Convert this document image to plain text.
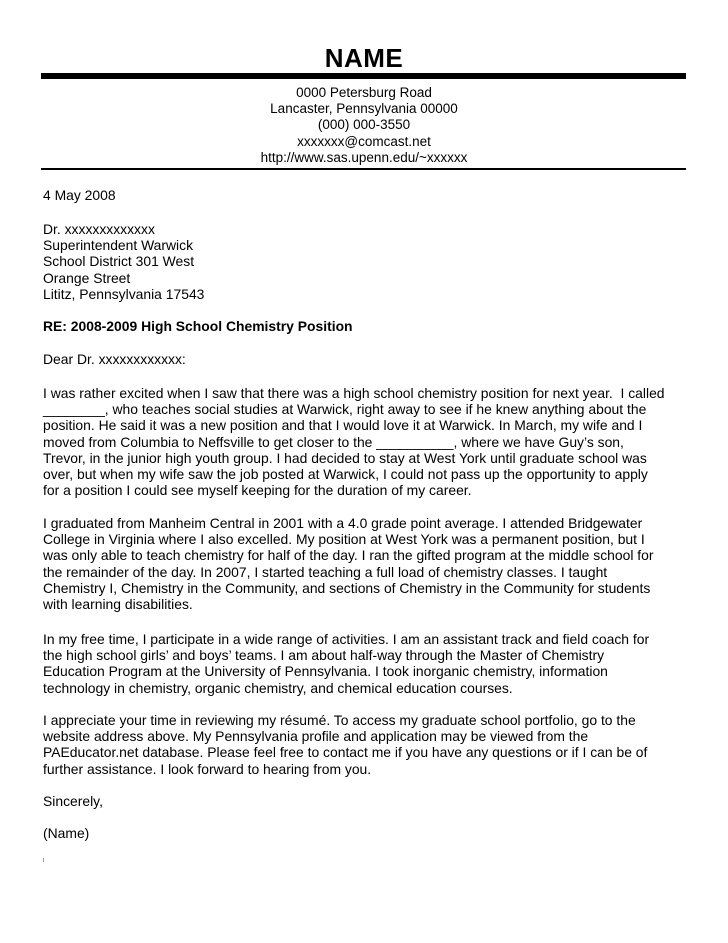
NAME
0000 Petersburg Road
Lancaster, Pennsylvania 00000
(000) 000-3550
xxxxxxx@comcast.net
http://www.sas.upenn.edu/~xxxxxx
4 May 2008
Dr. xxxxxxxxxxxxx
Superintendent Warwick
School District 301 West
Orange Street
Lititz, Pennsylvania 17543
RE: 2008-2009 High School Chemistry Position
Dear Dr. xxxxxxxxxxxx:
I was rather excited when I saw that there was a high school chemistry position for next year.  I called
________, who teaches social studies at Warwick, right away to see if he knew anything about the
position. He said it was a new position and that I would love it at Warwick. In March, my wife and I
moved from Columbia to Neffsville to get closer to the __________, where we have Guy’s son,
Trevor, in the junior high youth group. I had decided to stay at West York until graduate school was
over, but when my wife saw the job posted at Warwick, I could not pass up the opportunity to apply
for a position I could see myself keeping for the duration of my career.
I graduated from Manheim Central in 2001 with a 4.0 grade point average. I attended Bridgewater
College in Virginia where I also excelled. My position at West York was a permanent position, but I
was only able to teach chemistry for half of the day. I ran the gifted program at the middle school for
the remainder of the day. In 2007, I started teaching a full load of chemistry classes. I taught
Chemistry I, Chemistry in the Community, and sections of Chemistry in the Community for students
with learning disabilities.
In my free time, I participate in a wide range of activities. I am an assistant track and field coach for
the high school girls’ and boys’ teams. I am about half-way through the Master of Chemistry
Education Program at the University of Pennsylvania. I took inorganic chemistry, information
technology in chemistry, organic chemistry, and chemical education courses.
I appreciate your time in reviewing my résumé. To access my graduate school portfolio, go to the
website address above. My Pennsylvania profile and application may be viewed from the
PAEducator.net database. Please feel free to contact me if you have any questions or if I can be of
further assistance. I look forward to hearing from you.
Sincerely,
(Name)
